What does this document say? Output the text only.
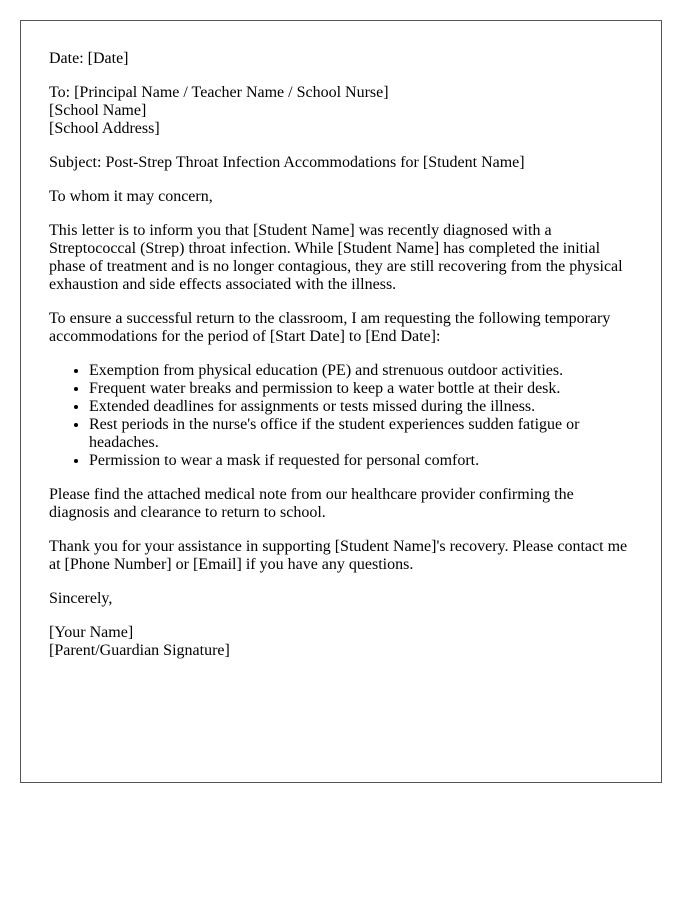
Date: [Date]

To: [Principal Name / Teacher Name / School Nurse]
[School Name]
[School Address]

Subject: Post-Strep Throat Infection Accommodations for [Student Name]

To whom it may concern,

This letter is to inform you that [Student Name] was recently diagnosed with a Streptococcal (Strep) throat infection. While [Student Name] has completed the initial phase of treatment and is no longer contagious, they are still recovering from the physical exhaustion and side effects associated with the illness.

To ensure a successful return to the classroom, I am requesting the following temporary accommodations for the period of [Start Date] to [End Date]:

• Exemption from physical education (PE) and strenuous outdoor activities.
• Frequent water breaks and permission to keep a water bottle at their desk.
• Extended deadlines for assignments or tests missed during the illness.
• Rest periods in the nurse's office if the student experiences sudden fatigue or headaches.
• Permission to wear a mask if requested for personal comfort.

Please find the attached medical note from our healthcare provider confirming the diagnosis and clearance to return to school.

Thank you for your assistance in supporting [Student Name]'s recovery. Please contact me at [Phone Number] or [Email] if you have any questions.

Sincerely,

[Your Name]
[Parent/Guardian Signature]
